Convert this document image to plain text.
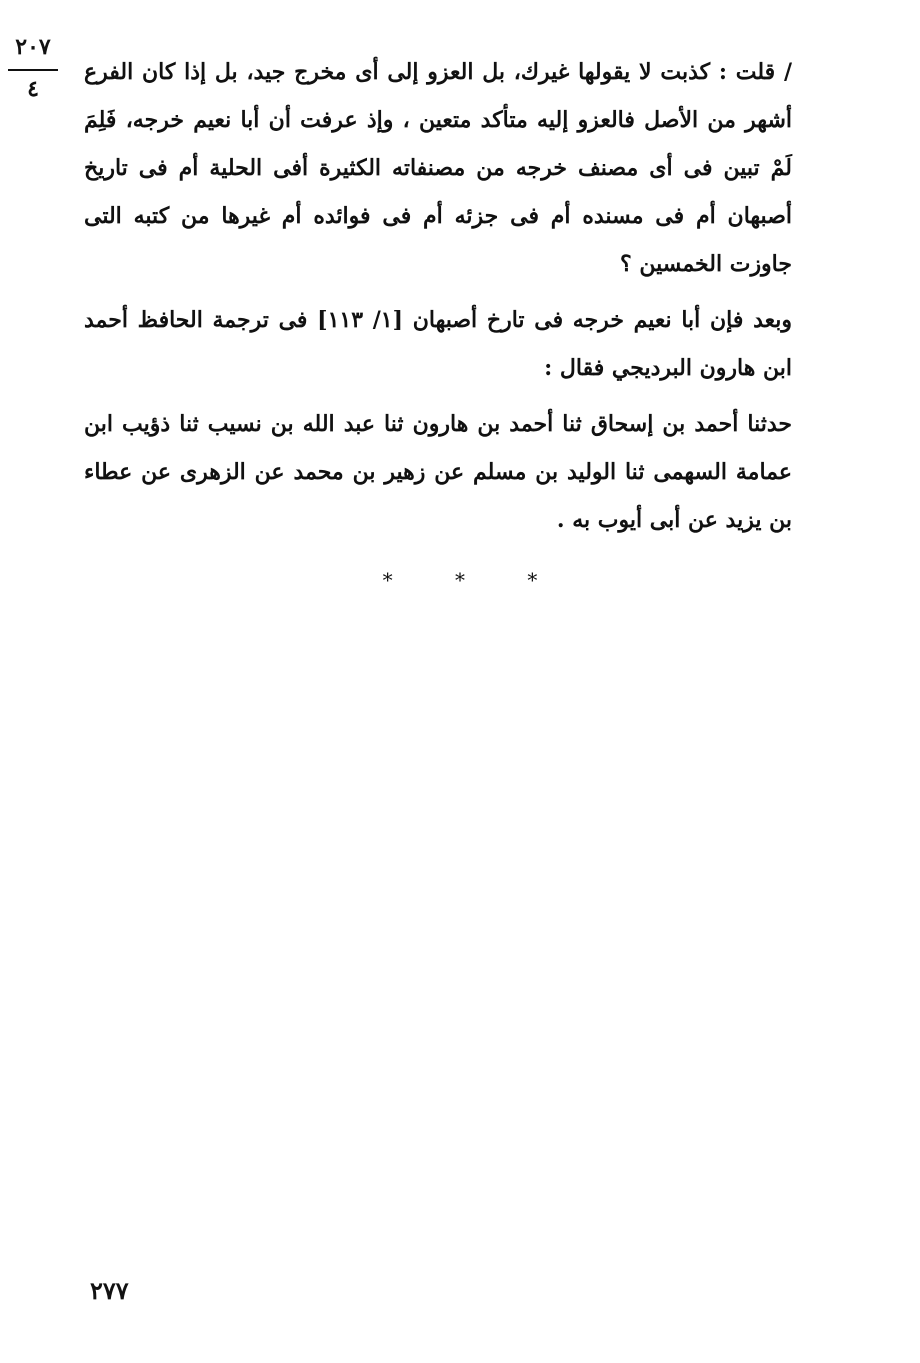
٢٠٧
٤

/ قلت : كذبت لا يقولها غيرك، بل العزو إلى أى مخرج جيد، بل إذا كان الفرع أشهر من الأصل فالعزو إليه متأكد متعين ، وإذ عرفت أن أبا نعيم خرجه، فَلِمَ لَمْ تبين فى أى مصنف خرجه من مصنفاته الكثيرة أفى الحلية أم فى تاريخ أصبهان أم فى مسنده أم فى جزئه أم فى فوائده أم غيرها من كتبه التى جاوزت الخمسين ؟

وبعد فإن أبا نعيم خرجه فى تارخ أصبهان [١/ ١١٣] فى ترجمة الحافظ أحمد ابن هارون البرديجي فقال :

حدثنا أحمد بن إسحاق ثنا أحمد بن هارون ثنا عبد الله بن نسيب ثنا ذؤيب ابن عمامة السهمى ثنا الوليد بن مسلم عن زهير بن محمد عن الزهرى عن عطاء بن يزيد عن أبى أيوب به .

* * *
٢٧٧
